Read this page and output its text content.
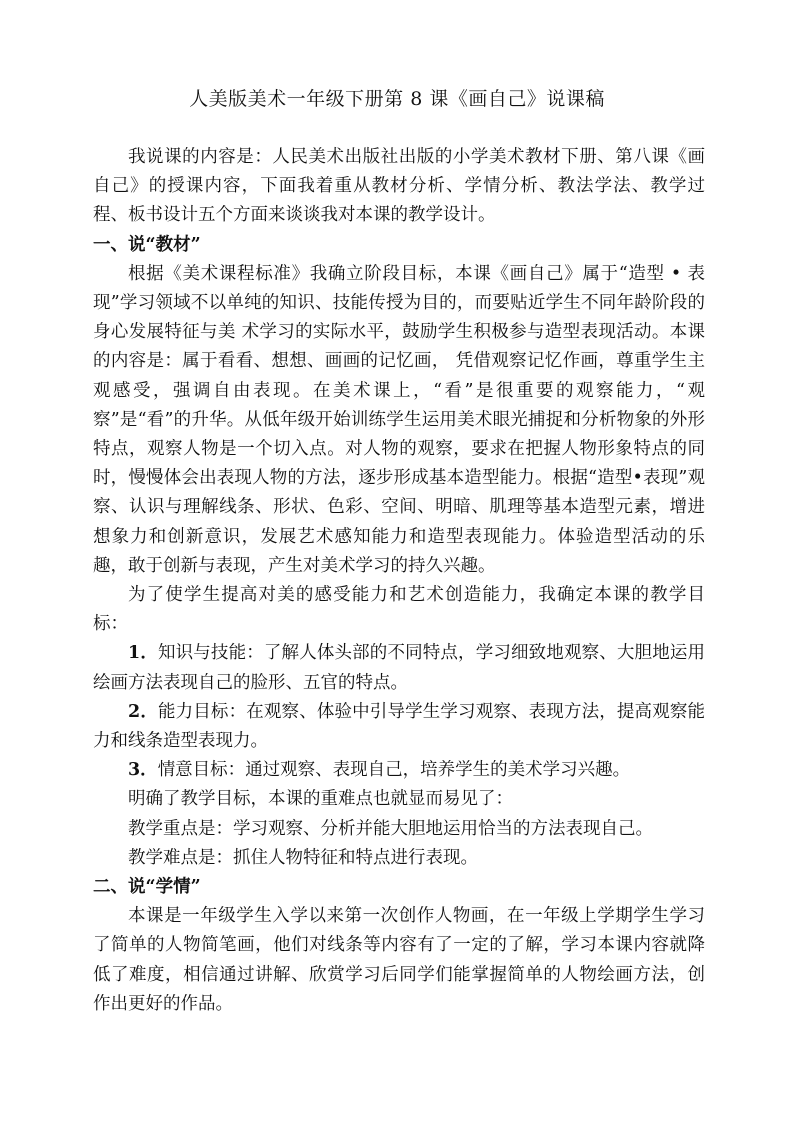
人美版美术一年级下册第 8 课《画自己》说课稿

我说课的内容是：人民美术出版社出版的小学美术教材下册、第八课《画自己》的授课内容，下面我着重从教材分析、学情分析、教法学法、教学过程、板书设计五个方面来谈谈我对本课的教学设计。

一、说“教材”

根据《美术课程标准》我确立阶段目标，本课《画自己》属于“造型 • 表现”学习领域不以单纯的知识、技能传授为目的，而要贴近学生不同年龄阶段的身心发展特征与美 术学习的实际水平，鼓励学生积极参与造型表现活动。本课的内容是：属于看看、想想、画画的记忆画， 凭借观察记忆作画，尊重学生主观感受，强调自由表现。在美术课上，“看”是很重要的观察能力，“观察”是“看”的升华。从低年级开始训练学生运用美术眼光捕捉和分析物象的外形特点，观察人物是一个切入点。对人物的观察，要求在把握人物形象特点的同时，慢慢体会出表现人物的方法，逐步形成基本造型能力。根据“造型•表现”观察、认识与理解线条、形状、色彩、空间、明暗、肌理等基本造型元素，增进想象力和创新意识，发展艺术感知能力和造型表现能力。体验造型活动的乐趣，敢于创新与表现，产生对美术学习的持久兴趣。

为了使学生提高对美的感受能力和艺术创造能力，我确定本课的教学目标：

1．知识与技能：了解人体头部的不同特点，学习细致地观察、大胆地运用绘画方法表现自己的脸形、五官的特点。

2．能力目标：在观察、体验中引导学生学习观察、表现方法，提高观察能力和线条造型表现力。

3．情意目标：通过观察、表现自己，培养学生的美术学习兴趣。

明确了教学目标，本课的重难点也就显而易见了：

教学重点是：学习观察、分析并能大胆地运用恰当的方法表现自己。

教学难点是：抓住人物特征和特点进行表现。

二、说“学情”

本课是一年级学生入学以来第一次创作人物画，在一年级上学期学生学习了简单的人物简笔画，他们对线条等内容有了一定的了解，学习本课内容就降低了难度，相信通过讲解、欣赏学习后同学们能掌握简单的人物绘画方法，创作出更好的作品。
